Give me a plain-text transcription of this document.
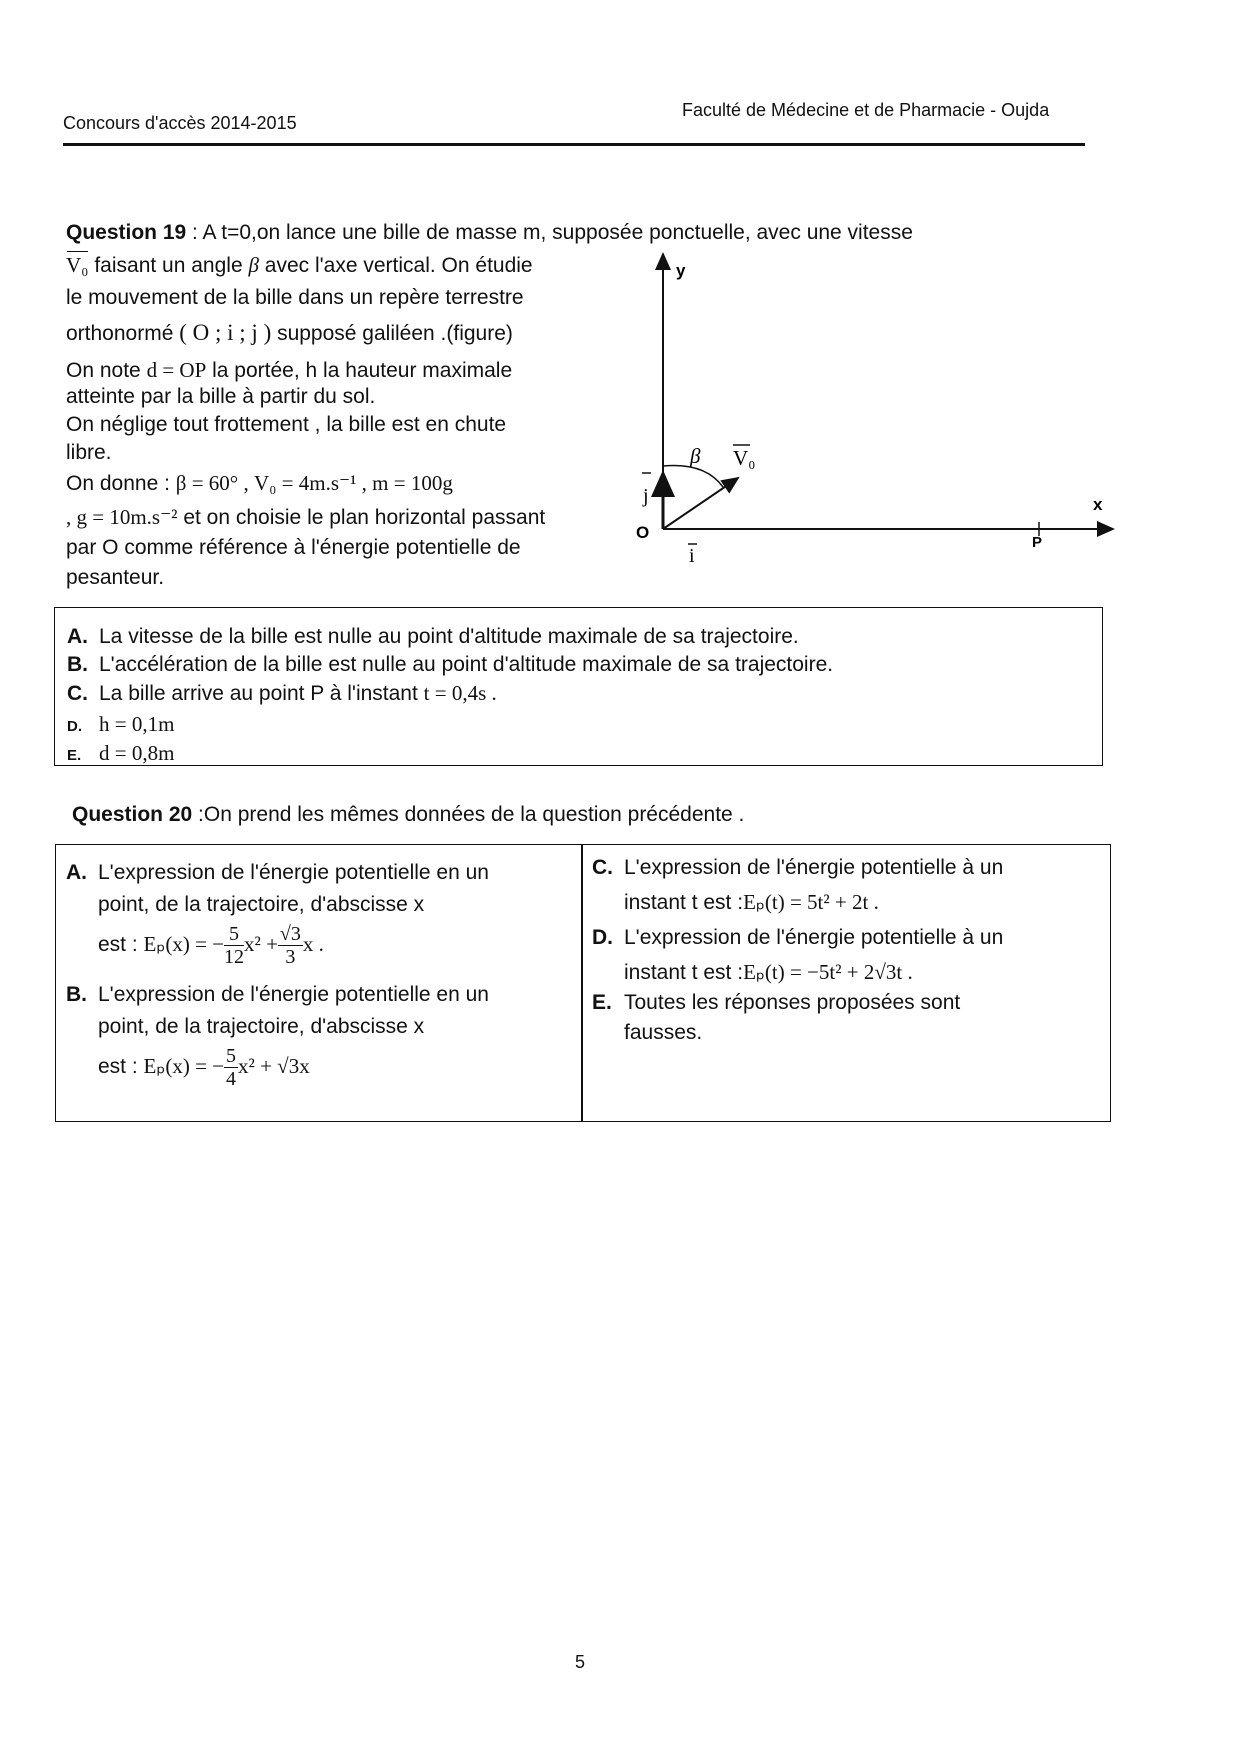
Concours d'accès 2014-2015
Faculté de Médecine et de Pharmacie - Oujda
Question 19 : A t=0,on lance une bille de masse m, supposée ponctuelle, avec une vitesse
V₀ faisant un angle β avec l'axe vertical. On étudie
le mouvement de la bille dans un repère terrestre
orthonormé ( O ; i ; j ) supposé galiléen .(figure)
On note d = OP la portée, h la hauteur maximale
atteinte par la bille à partir du sol.
On néglige tout frottement , la bille est en chute
libre.
On donne : β = 60° , V₀ = 4m.s⁻¹ , m = 100g
, g = 10m.s⁻² et on choisie le plan horizontal passant
par O comme référence à l'énergie potentielle de
pesanteur.
y
x
O
P
i
j
β V₀
A. La vitesse de la bille est nulle au point d'altitude maximale de sa trajectoire.
B. L'accélération de la bille est nulle au point d'altitude maximale de sa trajectoire.
C. La bille arrive au point P à l'instant t = 0,4s .
D. h = 0,1m
E. d = 0,8m
Question 20 :On prend les mêmes données de la question précédente .
A. L'expression de l'énergie potentielle en un
point, de la trajectoire, d'abscisse x
est : Eₚ(x) = − $\frac{5}{12} x^2 + \frac{√3}{3}$ x .
B. L'expression de l'énergie potentielle en un
point, de la trajectoire, d'abscisse x
est : Eₚ(x) = − $\frac{5}{4} x^2 + √3x$
C. L'expression de l'énergie potentielle à un
instant t est :Eₚ(t) = 5t² + 2t .
D. L'expression de l'énergie potentielle à un
instant t est :Eₚ(t) = −5t² + 2√3t .
E. Toutes les réponses proposées sont
fausses.
5
